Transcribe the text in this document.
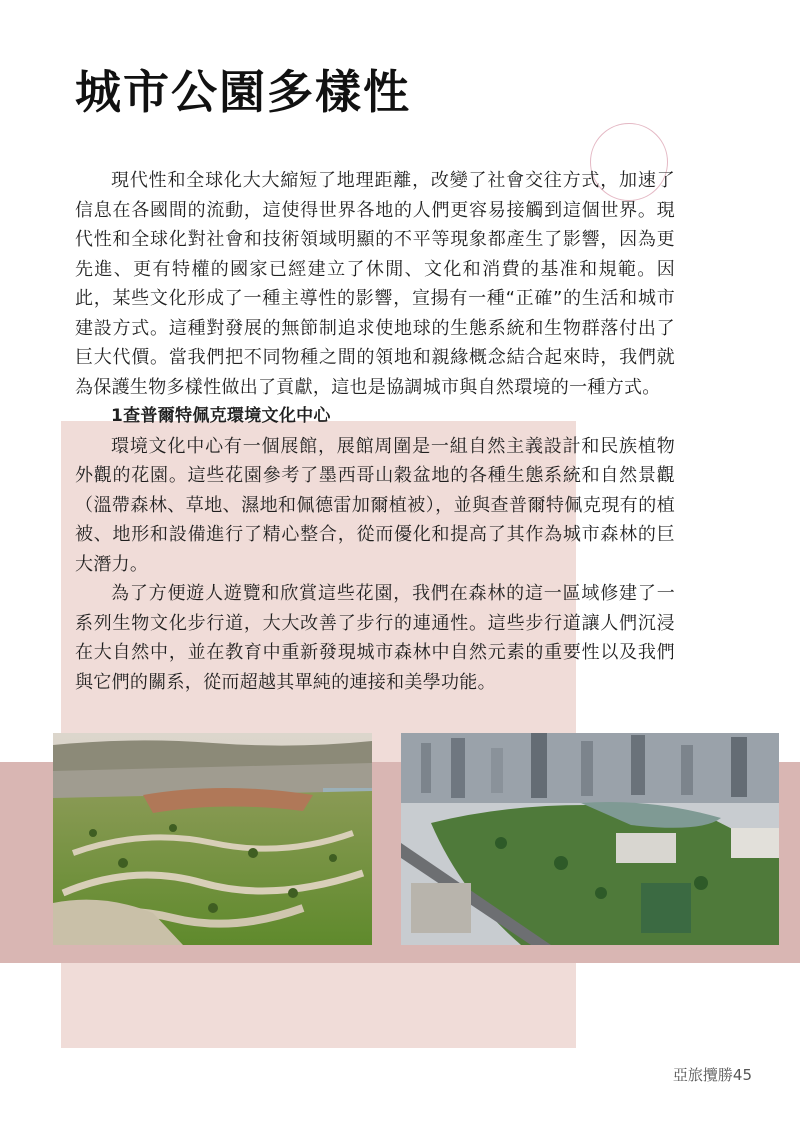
城市公園多樣性

現代性和全球化大大縮短了地理距離，改變了社會交往方式，加速了信息在各國間的流動，這使得世界各地的人們更容易接觸到這個世界。現代性和全球化對社會和技術領域明顯的不平等現象都產生了影響，因為更先進、更有特權的國家已經建立了休閒、文化和消費的基准和規範。因此，某些文化形成了一種主導性的影響，宣揚有一種“正確”的生活和城市建設方式。這種對發展的無節制追求使地球的生態系統和生物群落付出了巨大代價。當我們把不同物種之間的領地和親緣概念結合起來時，我們就為保護生物多樣性做出了貢獻，這也是協調城市與自然環境的一種方式。

1查普爾特佩克環境文化中心

環境文化中心有一個展館，展館周圍是一組自然主義設計和民族植物外觀的花園。這些花園參考了墨西哥山穀盆地的各種生態系統和自然景觀（溫帶森林、草地、濕地和佩德雷加爾植被），並與查普爾特佩克現有的植被、地形和設備進行了精心整合，從而優化和提高了其作為城市森林的巨大潛力。

為了方便遊人遊覽和欣賞這些花園，我們在森林的這一區域修建了一系列生物文化步行道，大大改善了步行的連通性。這些步行道讓人們沉浸在大自然中，並在教育中重新發現城市森林中自然元素的重要性以及我們與它們的關系，從而超越其單純的連接和美學功能。

亞旅攬勝45
